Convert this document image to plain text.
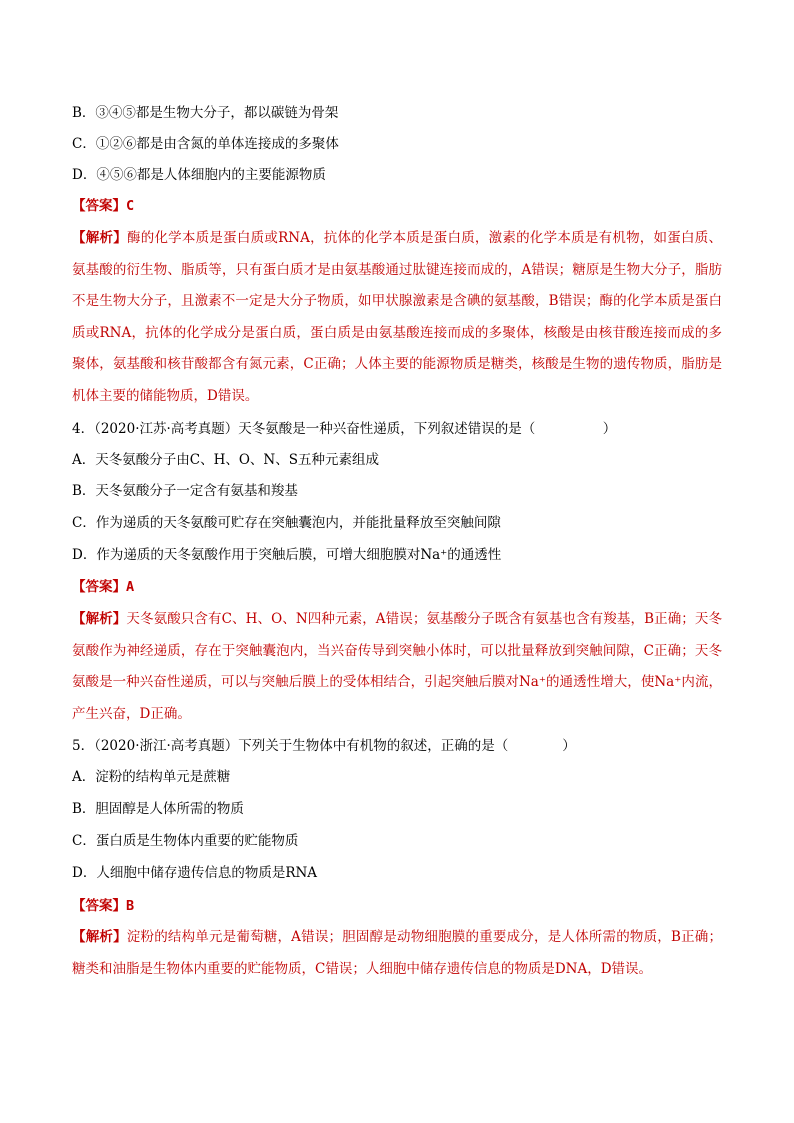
B．③④⑤都是生物大分子，都以碳链为骨架
C．①②⑥都是由含氮的单体连接成的多聚体
D．④⑤⑥都是人体细胞内的主要能源物质
【答案】C
【解析】酶的化学本质是蛋白质或RNA，抗体的化学本质是蛋白质，激素的化学本质是有机物，如蛋白质、氨基酸的衍生物、脂质等，只有蛋白质才是由氨基酸通过肽键连接而成的，A错误；糖原是生物大分子，脂肪不是生物大分子，且激素不一定是大分子物质，如甲状腺激素是含碘的氨基酸，B错误；酶的化学本质是蛋白质或RNA，抗体的化学成分是蛋白质，蛋白质是由氨基酸连接而成的多聚体，核酸是由核苷酸连接而成的多聚体，氨基酸和核苷酸都含有氮元素，C正确；人体主要的能源物质是糖类，核酸是生物的遗传物质，脂肪是机体主要的储能物质，D错误。
4．（2020·江苏·高考真题）天冬氨酸是一种兴奋性递质，下列叙述错误的是（　　　　　）
A．天冬氨酸分子由C、H、O、N、S五种元素组成
B．天冬氨酸分子一定含有氨基和羧基
C．作为递质的天冬氨酸可贮存在突触囊泡内，并能批量释放至突触间隙
D．作为递质的天冬氨酸作用于突触后膜，可增大细胞膜对Na⁺的通透性
【答案】A
【解析】天冬氨酸只含有C、H、O、N四种元素，A错误；氨基酸分子既含有氨基也含有羧基，B正确；天冬氨酸作为神经递质，存在于突触囊泡内，当兴奋传导到突触小体时，可以批量释放到突触间隙，C正确；天冬氨酸是一种兴奋性递质，可以与突触后膜上的受体相结合，引起突触后膜对Na⁺的通透性增大，使Na⁺内流，产生兴奋，D正确。
5．（2020·浙江·高考真题）下列关于生物体中有机物的叙述，正确的是（　　　　）
A．淀粉的结构单元是蔗糖
B．胆固醇是人体所需的物质
C．蛋白质是生物体内重要的贮能物质
D．人细胞中储存遗传信息的物质是RNA
【答案】B
【解析】淀粉的结构单元是葡萄糖，A错误；胆固醇是动物细胞膜的重要成分，是人体所需的物质，B正确；糖类和油脂是生物体内重要的贮能物质，C错误；人细胞中储存遗传信息的物质是DNA，D错误。
